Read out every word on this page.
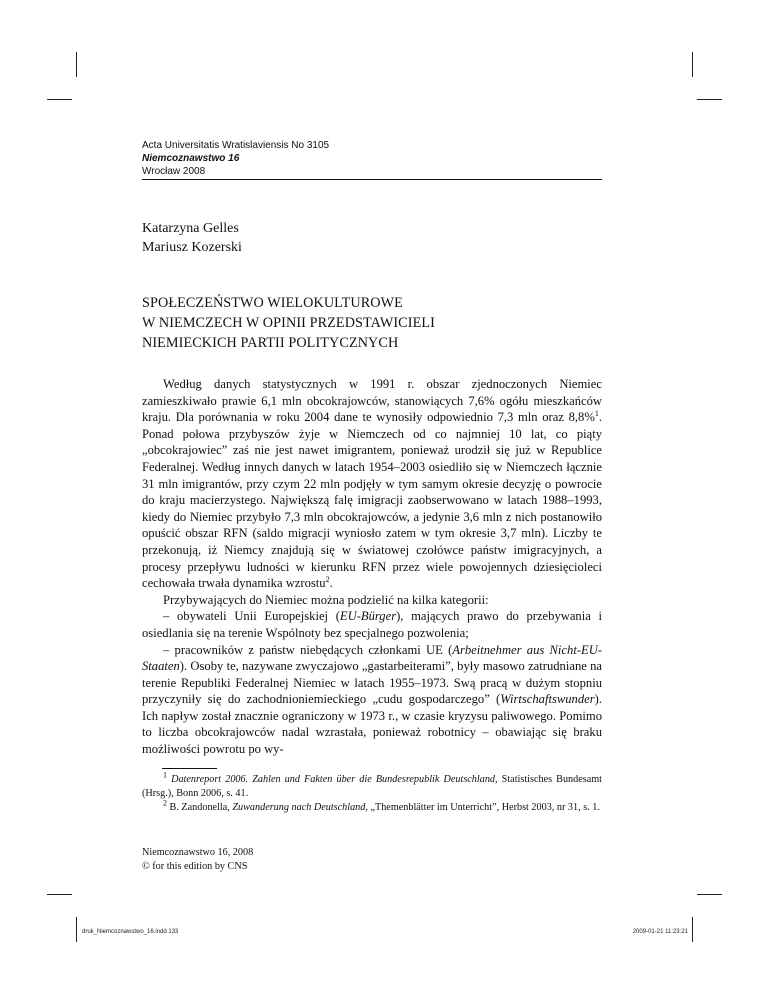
Acta Universitatis Wratislaviensis No 3105
Niemcoznawstwo 16
Wrocław 2008
Katarzyna Gelles
Mariusz Kozerski
SPOŁECZEŃSTWO WIELOKULTUROWE
W NIEMCZECH W OPINII PRZEDSTAWICIELI
NIEMIECKICH PARTII POLITYCZNYCH

Według danych statystycznych w 1991 r. obszar zjednoczonych Niemiec zamieszkiwało prawie 6,1 mln obcokrajowców, stanowiących 7,6% ogółu mieszkańców kraju. Dla porównania w roku 2004 dane te wynosiły odpowiednio 7,3 mln oraz 8,8%$^1$. Ponad połowa przybyszów żyje w Niemczech od co najmniej 10 lat, co piąty „obcokrajowiec” zaś nie jest nawet imigrantem, ponieważ urodził się już w Republice Federalnej. Według innych danych w latach 1954–2003 osiedliło się w Niemczech łącznie 31 mln imigrantów, przy czym 22 mln podjęły w tym samym okresie decyzję o powrocie do kraju macierzystego. Największą falę imigracji zaobserwowano w latach 1988–1993, kiedy do Niemiec przybyło 7,3 mln obcokrajowców, a jedynie 3,6 mln z nich postanowiło opuścić obszar RFN (saldo migracji wyniosło zatem w tym okresie 3,7 mln). Liczby te przekonują, iż Niemcy znajdują się w światowej czołówce państw imigracyjnych, a procesy przepływu ludności w kierunku RFN przez wiele powojennych dziesięcioleci cechowała trwała dynamika wzrostu$^2$.

Przybywających do Niemiec można podzielić na kilka kategorii:

– obywateli Unii Europejskiej (EU-Bürger), mających prawo do przebywania i osiedlania się na terenie Wspólnoty bez specjalnego pozwolenia;

– pracowników z państw niebędących członkami UE (Arbeitnehmer aus Nicht-EU-Staaten). Osoby te, nazywane zwyczajowo „gastarbeiterami”, były masowo zatrudniane na terenie Republiki Federalnej Niemiec w latach 1955–1973. Swą pracą w dużym stopniu przyczyniły się do zachodnioniemieckiego „cudu gospodarczego” (Wirtschaftswunder). Ich napływ został znacznie ograniczony w 1973 r., w czasie kryzysu paliwowego. Pomimo to liczba obcokrajowców nadal wzrastała, ponieważ robotnicy – obawiając się braku możliwości powrotu po wy-

$^1$ Datenreport 2006. Zahlen und Fakten über die Bundesrepublik Deutschland, Statistisches Bundesamt (Hrsg.), Bonn 2006, s. 41.

$^2$ B. Zandonella, Zuwanderung nach Deutschland, „Themenblätter im Unterricht”, Herbst 2003, nr 31, s. 1.

Niemcoznawstwo 16, 2008
© for this edition by CNS
druk_Niemcoznawstwo_16.indd 133	2009-01-21 11:23:21
